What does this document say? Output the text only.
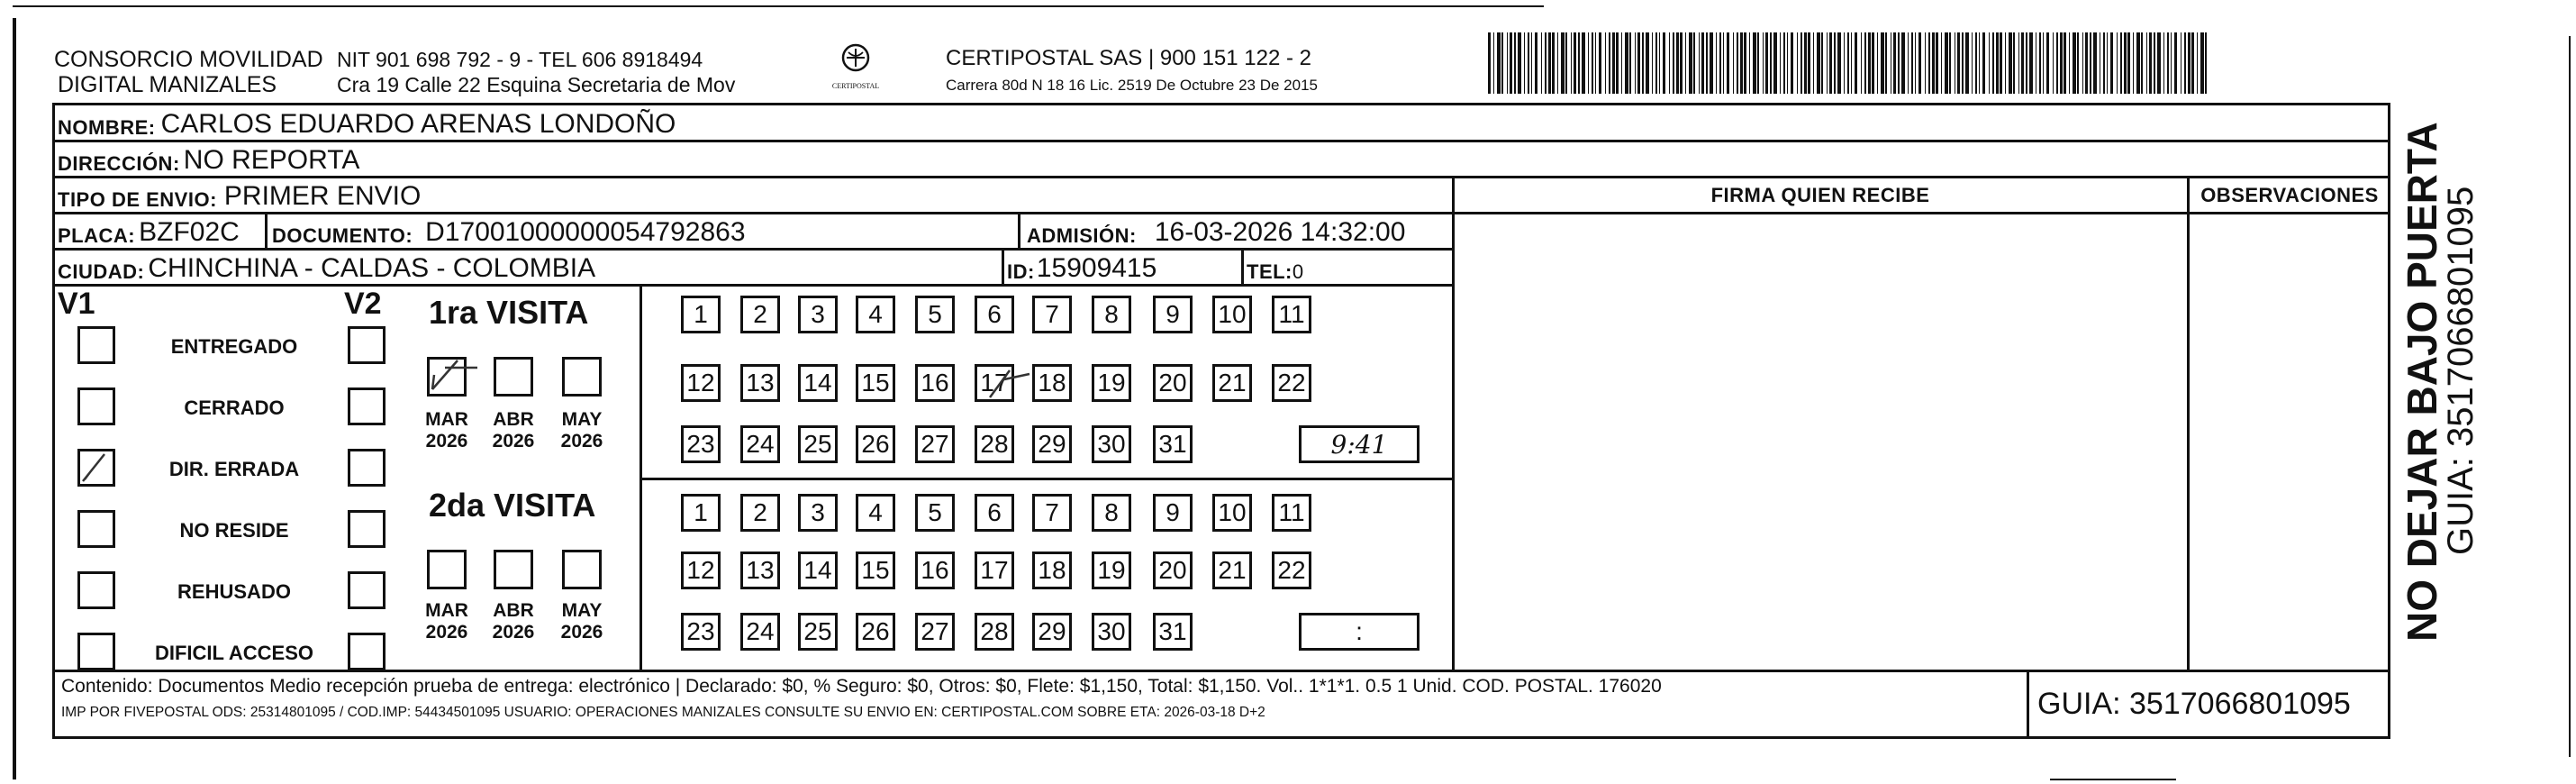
CONSORCIO MOVILIDAD
DIGITAL MANIZALES
NIT 901 698 792 - 9 - TEL 606 8918494
Cra 19 Calle 22 Esquina Secretaria de Mov	CERTIPOSTAL
CERTIPOSTAL SAS | 900 151 122 - 2
Carrera 80d N 18 16 Lic. 2519 De Octubre 23 De 2015
NOMBRE: CARLOS EDUARDO ARENAS LONDOÑO
DIRECCIÓN: NO REPORTA
TIPO DE ENVIO: PRIMER ENVIO	FIRMA QUIEN RECIBE	OBSERVACIONES
PLACA: BZF02C DOCUMENTO: D17001000000054792863	ADMISIÓN: 16-03-2026 14:32:00
CIUDAD: CHINCHINA - CALDAS - COLOMBIA	ID: 15909415	TEL: 0
V1	V2
ENTREGADO
CERRADO
DIR. ERRADA
NO RESIDE
REHUSADO
DIFICIL ACCESO
1ra VISITA
MAR
2026
ABR
2026
MAY
2026
1	2	3	4	5	6	7	8	9	10 11
12 13 14 15 16 17 18 19 20 21 22
23 24 25 26 27 28 29 30 31	9:41
2da VISITA
MAR
2026
ABR
2026
MAY
2026
1	2	3	4	5	6	7	8	9	10 11
12 13 14 15 16 17 18 19 20 21 22
23 24 25 26 27 28 29 30 31	:
Contenido: Documentos Medio recepción prueba de entrega: electrónico | Declarado: $0, % Seguro: $0, Otros: $0, Flete: $1,150, Total: $1,150. Vol.. 1*1*1. 0.5 1 Unid. COD. POSTAL. 176020
IMP POR FIVEPOSTAL ODS: 25314801095 / COD.IMP: 54434501095 USUARIO: OPERACIONES MANIZALES CONSULTE SU ENVIO EN: CERTIPOSTAL.COM SOBRE ETA: 2026-03-18 D+2	GUIA: 3517066801095
NO DEJAR BAJO PUERTA
GUIA: 3517066801095
